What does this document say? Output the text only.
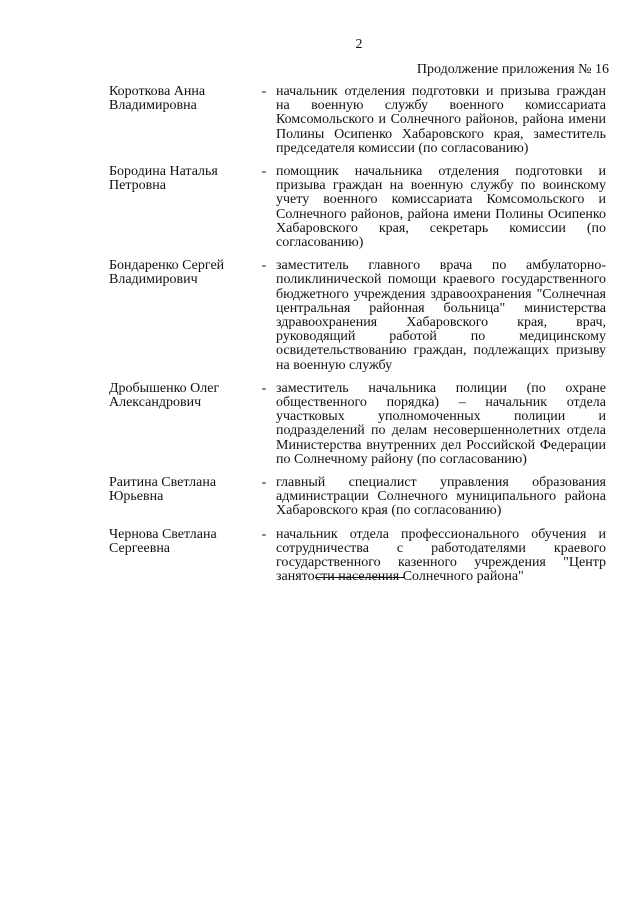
2
Продолжение приложения № 16
Короткова Анна
Владимировна
- начальник отделения подготовки и призыва граждан на военную службу военного комиссариата Комсомольского и Солнечного районов, района имени Полины Осипенко Хабаровского края, заместитель председателя комиссии (по согласованию)
Бородина Наталья
Петровна
- помощник начальника отделения подготовки и призыва граждан на военную службу по воинскому учету военного комиссариата Комсомольского и Солнечного районов, района имени Полины Осипенко Хабаровского края, секретарь комиссии (по согласованию)
Бондаренко Сергей
Владимирович
- заместитель главного врача по амбулаторно-поликлинической помощи краевого государственного бюджетного учреждения здравоохранения "Солнечная центральная районная больница" министерства здравоохранения Хабаровского края, врач, руководящий работой по медицинскому освидетельствованию граждан, подлежащих призыву на военную службу
Дробышенко Олег
Александрович
- заместитель начальника полиции (по охране общественного порядка) – начальник отдела участковых уполномоченных полиции и подразделений по делам несовершеннолетних отдела Министерства внутренних дел Российской Федерации по Солнечному району (по согласованию)
Раитина Светлана
Юрьевна
- главный специалист управления образования администрации Солнечного муниципального района Хабаровского края (по согласованию)
Чернова Светлана
Сергеевна
- начальник отдела профессионального обучения и сотрудничества с работодателями краевого государственного казенного учреждения "Центр занятости населения Солнечного района"
